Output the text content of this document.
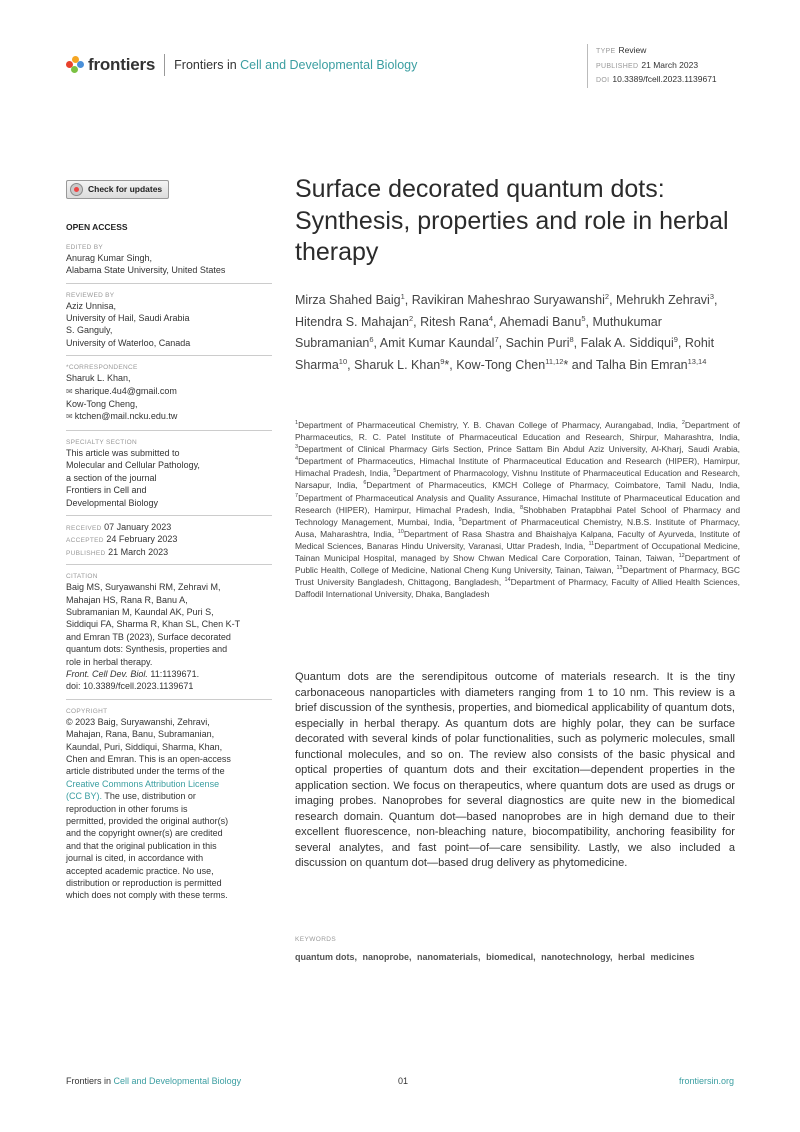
frontiers Frontiers in Cell and Developmental Biology
TYPE Review
PUBLISHED 21 March 2023
DOI 10.3389/fcell.2023.1139671
Check for updates
OPEN ACCESS
EDITED BY
Anurag Kumar Singh,
Alabama State University, United States
REVIEWED BY
Aziz Unnisa,
University of Hail, Saudi Arabia
S. Ganguly,
University of Waterloo, Canada
*CORRESPONDENCE
Sharuk L. Khan,
✉ sharique.4u4@gmail.com
Kow-Tong Cheng,
✉ ktchen@mail.ncku.edu.tw
SPECIALTY SECTION
This article was submitted to
Molecular and Cellular Pathology,
a section of the journal
Frontiers in Cell and
Developmental Biology
RECEIVED 07 January 2023
ACCEPTED 24 February 2023
PUBLISHED 21 March 2023
CITATION
Baig MS, Suryawanshi RM, Zehravi M,
Mahajan HS, Rana R, Banu A,
Subramanian M, Kaundal AK, Puri S,
Siddiqui FA, Sharma R, Khan SL, Chen K-T
and Emran TB (2023), Surface decorated
quantum dots: Synthesis, properties and
role in herbal therapy.
Front. Cell Dev. Biol. 11:1139671.
doi: 10.3389/fcell.2023.1139671
COPYRIGHT
© 2023 Baig, Suryawanshi, Zehravi,
Mahajan, Rana, Banu, Subramanian,
Kaundal, Puri, Siddiqui, Sharma, Khan,
Chen and Emran. This is an open-access
article distributed under the terms of the
Creative Commons Attribution License
(CC BY). The use, distribution or
reproduction in other forums is
permitted, provided the original author(s)
and the copyright owner(s) are credited
and that the original publication in this
journal is cited, in accordance with
accepted academic practice. No use,
distribution or reproduction is permitted
which does not comply with these terms.
Surface decorated quantum dots: Synthesis, properties and role in herbal therapy
Mirza Shahed Baig$^1$, Ravikiran Maheshrao Suryawanshi$^2$, Mehrukh Zehravi$^3$, Hitendra S. Mahajan$^2$, Ritesh Rana$^4$, Ahemadi Banu$^5$, Muthukumar Subramanian$^6$, Amit Kumar Kaundal$^7$, Sachin Puri$^8$, Falak A. Siddiqui$^9$, Rohit Sharma$^{10}$, Sharuk L. Khan$^9$*, Kow-Tong Chen$^{11,12}$* and Talha Bin Emran$^{13,14}$
$^1$Department of Pharmaceutical Chemistry, Y. B. Chavan College of Pharmacy, Aurangabad, India, $^2$Department of Pharmaceutics, R. C. Patel Institute of Pharmaceutical Education and Research, Shirpur, Maharashtra, India, $^3$Department of Clinical Pharmacy Girls Section, Prince Sattam Bin Abdul Aziz University, Al-Kharj, Saudi Arabia, $^4$Department of Pharmaceutics, Himachal Institute of Pharmaceutical Education and Research (HIPER), Hamirpur, Himachal Pradesh, India, $^5$Department of Pharmacology, Vishnu Institute of Pharmaceutical Education and Research, Narsapur, India, $^6$Department of Pharmaceutics, KMCH College of Pharmacy, Coimbatore, Tamil Nadu, India, $^7$Department of Pharmaceutical Analysis and Quality Assurance, Himachal Institute of Pharmaceutical Education and Research (HIPER), Hamirpur, Himachal Pradesh, India, $^8$Shobhaben Pratapbhai Patel School of Pharmacy and Technology Management, Mumbai, India, $^9$Department of Pharmaceutical Chemistry, N.B.S. Institute of Pharmacy, Ausa, Maharashtra, India, $^{10}$Department of Rasa Shastra and Bhaishajya Kalpana, Faculty of Ayurveda, Institute of Medical Sciences, Banaras Hindu University, Varanasi, Uttar Pradesh, India, $^{11}$Department of Occupational Medicine, Tainan Municipal Hospital, managed by Show Chwan Medical Care Corporation, Tainan, Taiwan, $^{12}$Department of Public Health, College of Medicine, National Cheng Kung University, Tainan, Taiwan, $^{13}$Department of Pharmacy, BGC Trust University Bangladesh, Chittagong, Bangladesh, $^{14}$Department of Pharmacy, Faculty of Allied Health Sciences, Daffodil International University, Dhaka, Bangladesh

Quantum dots are the serendipitous outcome of materials research. It is the tiny carbonaceous nanoparticles with diameters ranging from 1 to 10 nm. This review is a brief discussion of the synthesis, properties, and biomedical applicability of quantum dots, especially in herbal therapy. As quantum dots are highly polar, they can be surface decorated with several kinds of polar functionalities, such as polymeric molecules, small functional molecules, and so on. The review also consists of the basic physical and optical properties of quantum dots and their excitation—dependent properties in the application section. We focus on therapeutics, where quantum dots are used as drugs or imaging probes. Nanoprobes for several diagnostics are quite new in the biomedical research domain. Quantum dot—based nanoprobes are in high demand due to their excellent fluorescence, non-bleaching nature, biocompatibility, anchoring feasibility for several analytes, and fast point—of—care sensibility. Lastly, we also included a discussion on quantum dot—based drug delivery as phytomedicine.

KEYWORDS
quantum dots, nanoprobe, nanomaterials, biomedical, nanotechnology, herbal medicines
Frontiers in Cell and Developmental Biology	01	frontiersin.org
